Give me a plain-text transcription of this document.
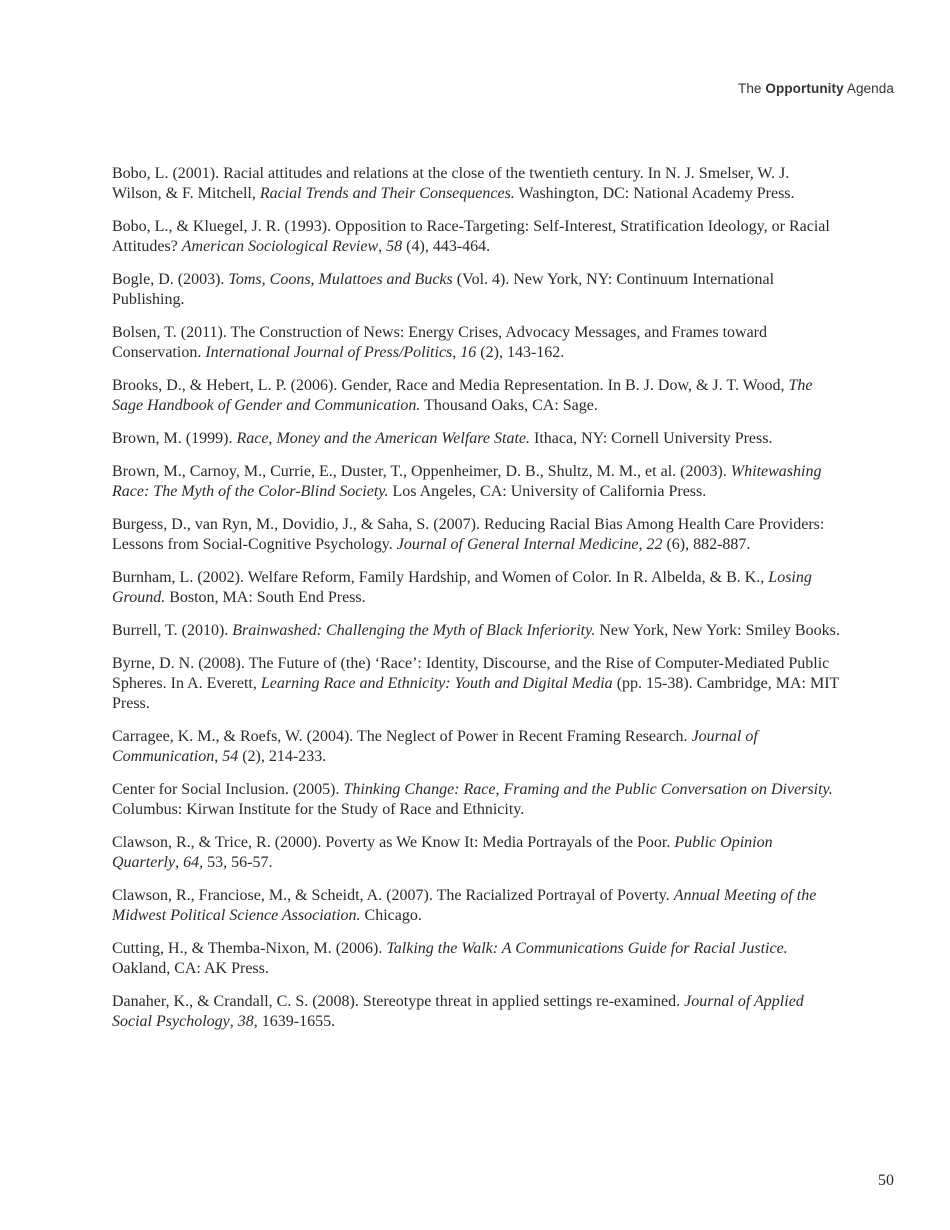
The Opportunity Agenda
Bobo, L. (2001). Racial attitudes and relations at the close of the twentieth century. In N. J. Smelser, W. J. Wilson, & F. Mitchell, Racial Trends and Their Consequences. Washington, DC: National Academy Press.
Bobo, L., & Kluegel, J. R. (1993). Opposition to Race-Targeting: Self-Interest, Stratification Ideology, or Racial Attitudes? American Sociological Review, 58 (4), 443-464.
Bogle, D. (2003). Toms, Coons, Mulattoes and Bucks (Vol. 4). New York, NY: Continuum International Publishing.
Bolsen, T. (2011). The Construction of News: Energy Crises, Advocacy Messages, and Frames toward Conservation. International Journal of Press/Politics, 16 (2), 143-162.
Brooks, D., & Hebert, L. P. (2006). Gender, Race and Media Representation. In B. J. Dow, & J. T. Wood, The Sage Handbook of Gender and Communication. Thousand Oaks, CA: Sage.
Brown, M. (1999). Race, Money and the American Welfare State. Ithaca, NY: Cornell University Press.
Brown, M., Carnoy, M., Currie, E., Duster, T., Oppenheimer, D. B., Shultz, M. M., et al. (2003). Whitewashing Race: The Myth of the Color-Blind Society. Los Angeles, CA: University of California Press.
Burgess, D., van Ryn, M., Dovidio, J., & Saha, S. (2007). Reducing Racial Bias Among Health Care Providers: Lessons from Social-Cognitive Psychology. Journal of General Internal Medicine, 22 (6), 882-887.
Burnham, L. (2002). Welfare Reform, Family Hardship, and Women of Color. In R. Albelda, & B. K., Losing Ground. Boston, MA: South End Press.
Burrell, T. (2010). Brainwashed: Challenging the Myth of Black Inferiority. New York, New York: Smiley Books.
Byrne, D. N. (2008). The Future of (the) ‘Race’: Identity, Discourse, and the Rise of Computer-Mediated Public Spheres. In A. Everett, Learning Race and Ethnicity: Youth and Digital Media (pp. 15-38). Cambridge, MA: MIT Press.
Carragee, K. M., & Roefs, W. (2004). The Neglect of Power in Recent Framing Research. Journal of Communication, 54 (2), 214-233.
Center for Social Inclusion. (2005). Thinking Change: Race, Framing and the Public Conversation on Diversity. Columbus: Kirwan Institute for the Study of Race and Ethnicity.
Clawson, R., & Trice, R. (2000). Poverty as We Know It: Media Portrayals of the Poor. Public Opinion Quarterly, 64, 53, 56-57.
Clawson, R., Franciose, M., & Scheidt, A. (2007). The Racialized Portrayal of Poverty. Annual Meeting of the Midwest Political Science Association. Chicago.
Cutting, H., & Themba-Nixon, M. (2006). Talking the Walk: A Communications Guide for Racial Justice. Oakland, CA: AK Press.
Danaher, K., & Crandall, C. S. (2008). Stereotype threat in applied settings re-examined. Journal of Applied Social Psychology, 38, 1639-1655.
50
